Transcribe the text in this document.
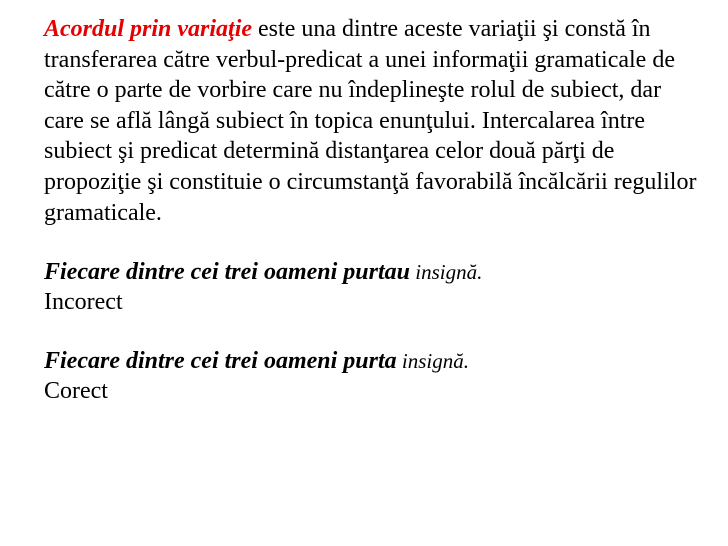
Acordul prin variaţie este una dintre aceste variaţii şi constă în transferarea către verbul-predicat a unei informaţii gramaticale de către o parte de vorbire care nu îndeplineşte rolul de subiect, dar care se află lângă subiect în topica enunţului. Intercalarea între subiect şi predicat determină distanţarea celor două părţi de propoziţie şi constituie o circumstanţă favorabilă încălcării regulilor gramaticale.

Fiecare dintre cei trei oameni purtau insignă.

Incorect

Fiecare dintre cei trei oameni purta insignă.

Corect
